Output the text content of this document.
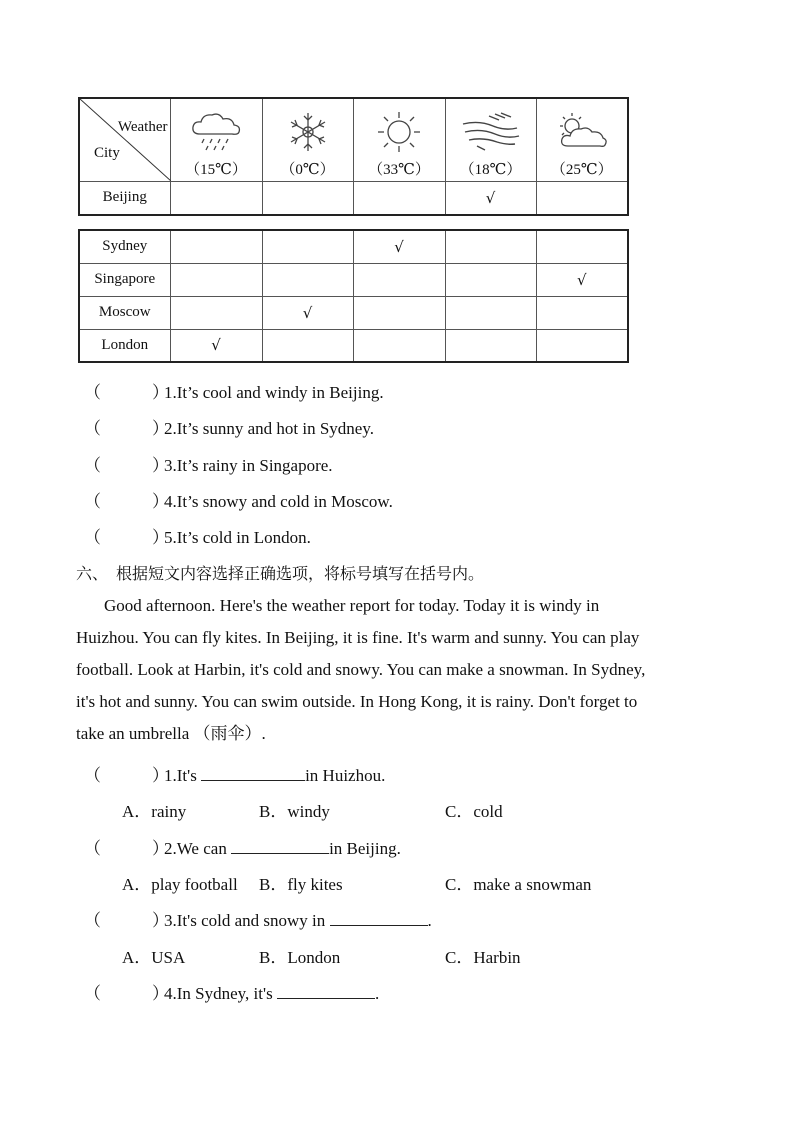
Weather
City	（15℃）	（0℃）	（33℃）	（18℃）	（25℃）

Beijing				√	
Sydney			√		
Singapore					√
Moscow		√			
London	√				
（　　　）1.It’s cool and windy in Beijing.
（　　　）2.It’s sunny and hot in Sydney.
（　　　）3.It’s rainy in Singapore.
（　　　）4.It’s snowy and cold in Moscow.
（　　　）5.It’s cold in London.
六、　根据短文内容选择正确选项，将标号填写在括号内。
Good afternoon. Here's the weather report for today. Today it is windy in
Huizhou. You can fly kites. In Beijing, it is fine. It's warm and sunny. You can play
football. Look at Harbin, it's cold and snowy. You can make a snowman. In Sydney,
it's hot and sunny. You can swim outside. In Hong Kong, it is rainy. Don't forget to
take an umbrella （雨伞）.
（　　　）1.It's	in Huizhou.
A．rainy	B．windy	C．cold
（　　　）2.We can	in Beijing.
A．play football B．fly kites	C．make a snowman
（　　　）3.It's cold and snowy in	.
A．USA	B．London	C．Harbin
（　　　）4.In Sydney, it's	.
